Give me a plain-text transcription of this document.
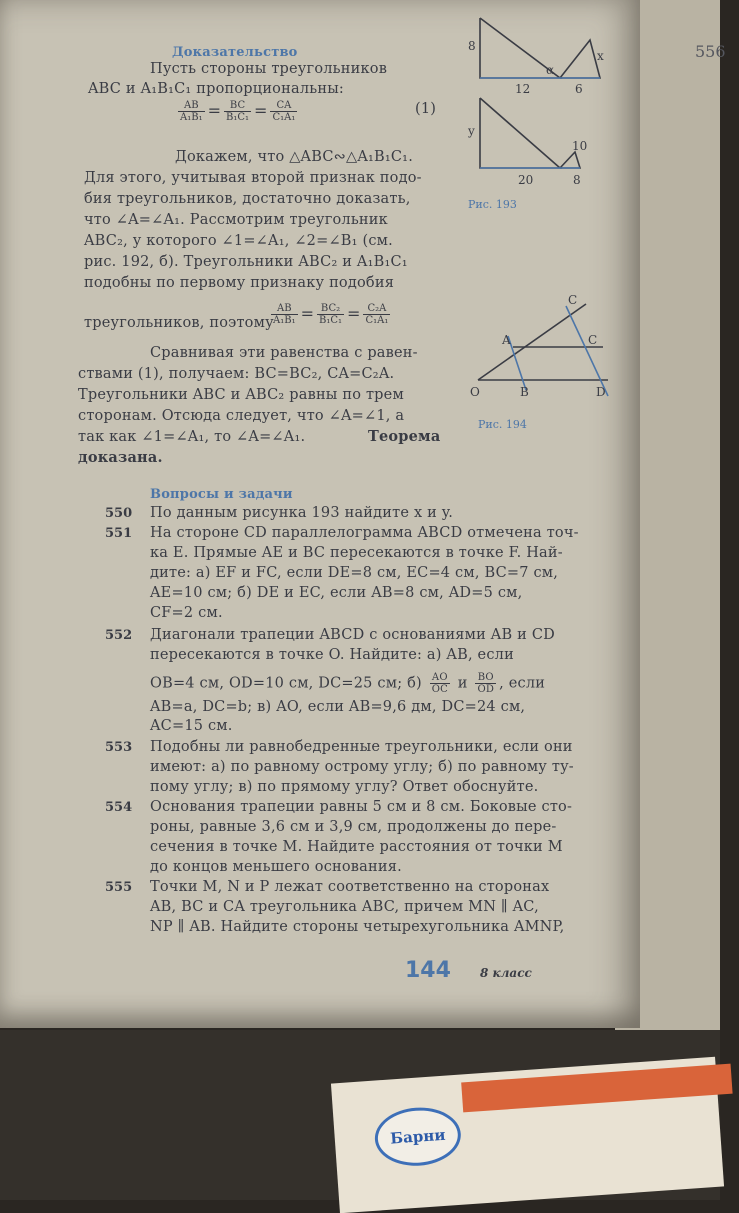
556
Барни
Доказательство
Пусть стороны треугольников
ABC и A₁B₁C₁ пропорциональны:
$\frac{AB}{\text{A₁B₁}} = \frac{BC}{\text{B₁C₁}} = \frac{CA}{\text{C₁A₁}}$	(1)
Докажем, что △ABC∾△A₁B₁C₁.
Для этого, учитывая второй признак подо-
бия треугольников, достаточно доказать,
что ∠A=∠A₁. Рассмотрим треугольник
ABC₂, у которого ∠1=∠A₁, ∠2=∠B₁ (см.
рис. 192, б). Треугольники ABC₂ и A₁B₁C₁
подобны по первому признаку подобия
треугольников, поэтому
$\frac{AB}{\text{A₁B₁}} = \frac{\text{BC₂}}{\text{B₁C₁}} = \frac{\text{C₂A}}{\text{C₁A₁}}$
Сравнивая эти равенства с равен-
ствами (1), получаем: BC=BC₂, CA=C₂A.
Треугольники ABC и ABC₂ равны по трем
сторонам. Отсюда следует, что ∠A=∠1, а
так как ∠1=∠A₁, то ∠A=∠A₁.	Теорема
доказана.
8
12	6
x
α
y
20	8
10
Рис. 193
C
A	C
O	B	D
Рис. 194
Вопросы и задачи
550 По данным рисунка 193 найдите x и y.
551 На стороне CD параллелограмма ABCD отмечена точ-
ка E. Прямые AE и BC пересекаются в точке F. Най-
дите: а) EF и FC, если DE=8 см, EC=4 см, BC=7 см,
AE=10 см; б) DE и EC, если AB=8 см, AD=5 см,
CF=2 см.
552 Диагонали трапеции ABCD с основаниями AB и CD
пересекаются в точке O. Найдите: а) AB, если
OB=4 см, OD=10 см, DC=25 см; $б) \frac{AO}{OC}$ и $\frac{BO}{OD}$ , если
AB=a, DC=b; в) AO, если AB=9,6 дм, DC=24 см,
AC=15 см.
553 Подобны ли равнобедренные треугольники, если они
имеют: а) по равному острому углу; б) по равному ту-
пому углу; в) по прямому углу? Ответ обоснуйте.
554 Основания трапеции равны 5 см и 8 см. Боковые сто-
роны, равные 3,6 см и 3,9 см, продолжены до пере-
сечения в точке M. Найдите расстояния от точки M
до концов меньшего основания.
555 Точки M, N и P лежат соответственно на сторонах
AB, BC и CA треугольника ABC, причем MN ∥ AC,
NP ∥ AB. Найдите стороны четырехугольника AMNP,
144 8 класс
